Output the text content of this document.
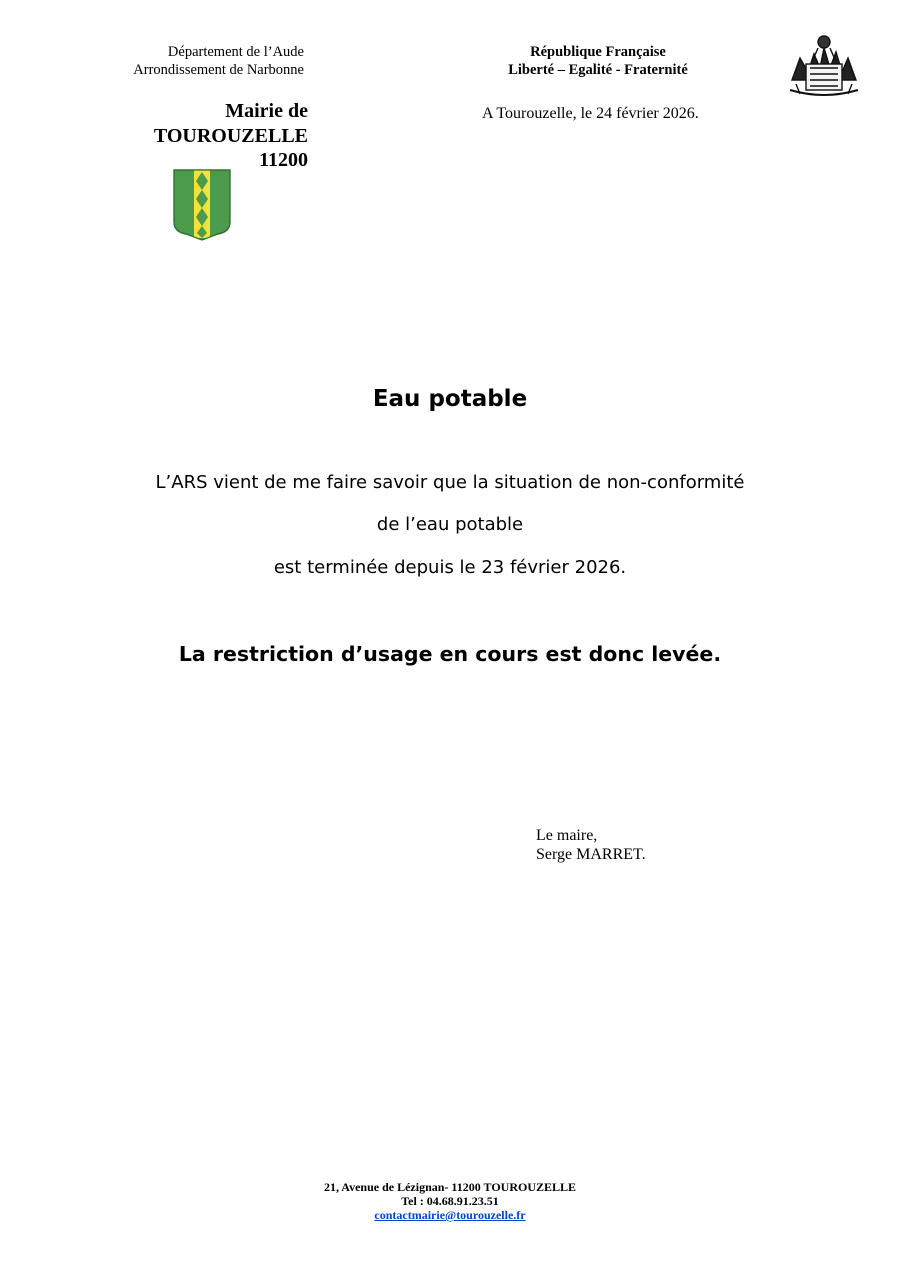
Département de l’Aude
Arrondissement de Narbonne
République Française
Liberté – Egalité - Fraternité
Mairie de
TOUROUZELLE
11200
A Tourouzelle, le 24 février 2026.
Eau potable
L’ARS vient de me faire savoir que la situation de non-conformité
de l’eau potable
est terminée depuis le 23 février 2026.
La restriction d’usage en cours est donc levée.
Le maire,
Serge MARRET.
21, Avenue de Lézignan- 11200 TOUROUZELLE
Tel : 04.68.91.23.51
contactmairie@tourouzelle.fr
